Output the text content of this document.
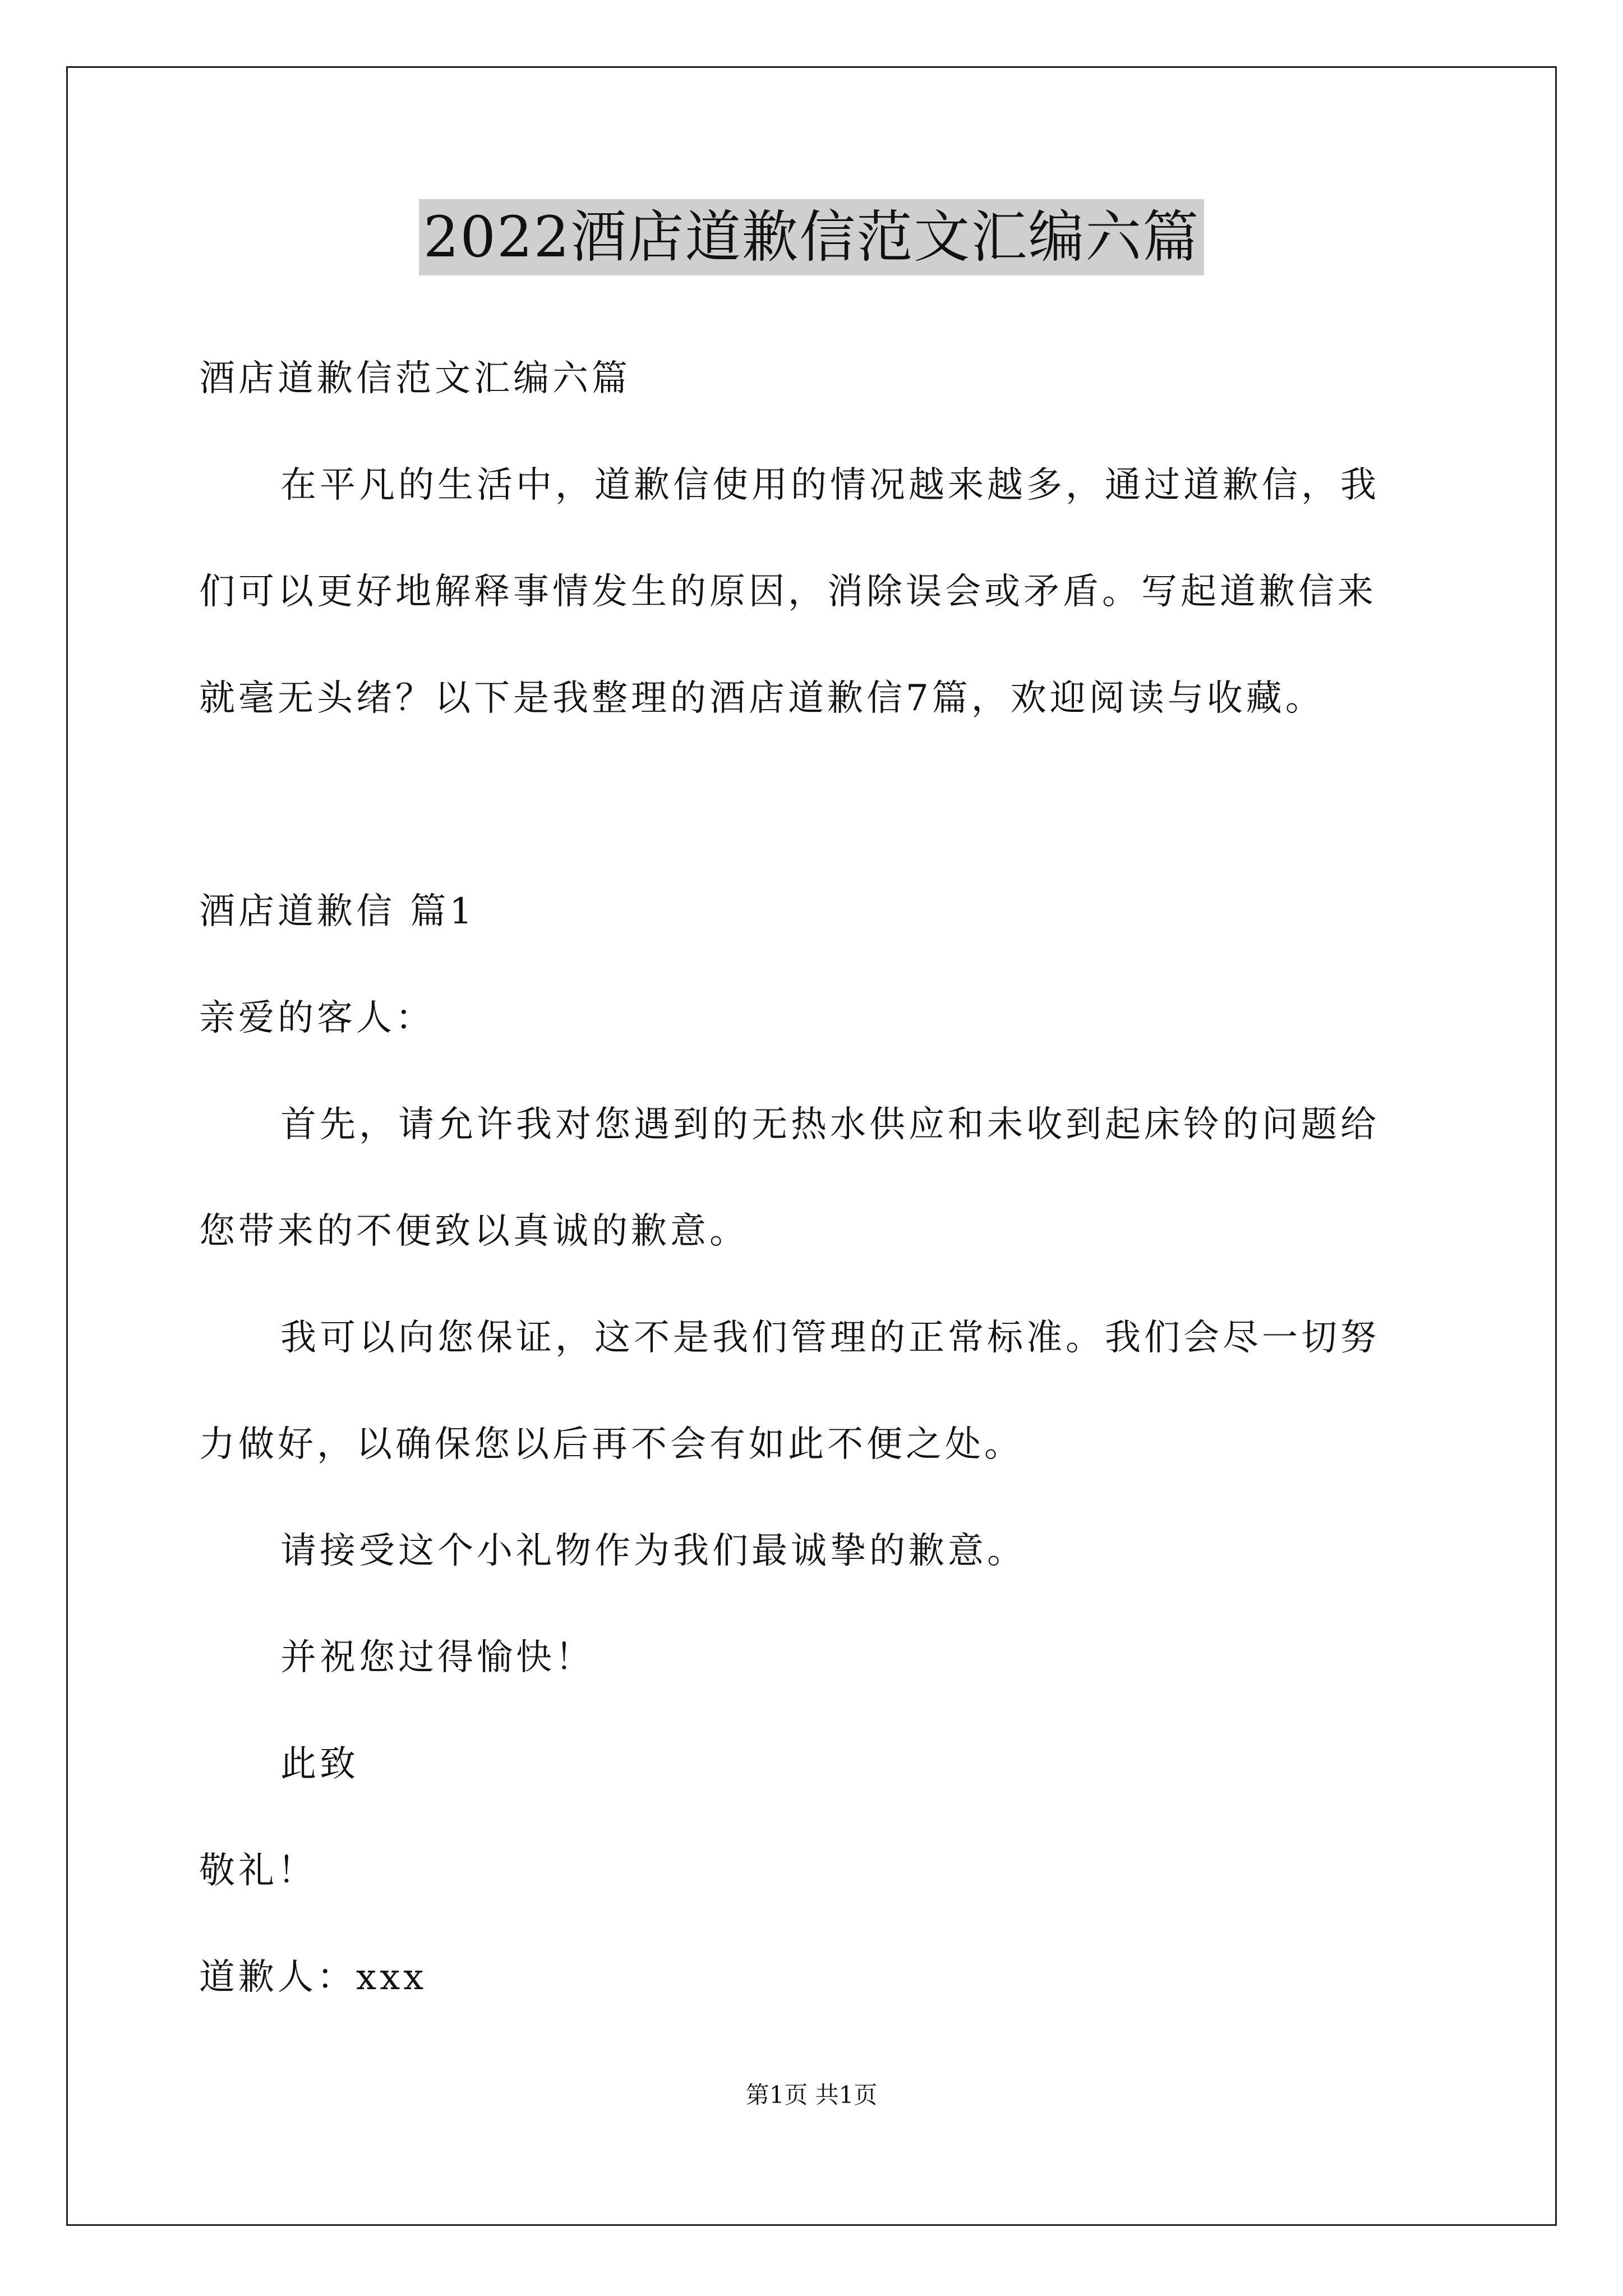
2022酒店道歉信范文汇编六篇
酒店道歉信范文汇编六篇
在平凡的生活中，道歉信使用的情况越来越多，通过道歉信，我
们可以更好地解释事情发生的原因，消除误会或矛盾。写起道歉信来
就毫无头绪？以下是我整理的酒店道歉信7篇，欢迎阅读与收藏。
酒店道歉信 篇1
亲爱的客人：
首先，请允许我对您遇到的无热水供应和未收到起床铃的问题给
您带来的不便致以真诚的歉意。
我可以向您保证，这不是我们管理的正常标准。我们会尽一切努
力做好，以确保您以后再不会有如此不便之处。
请接受这个小礼物作为我们最诚挚的歉意。
并祝您过得愉快！
此致
敬礼！
道歉人：xxx
第1页 共1页
